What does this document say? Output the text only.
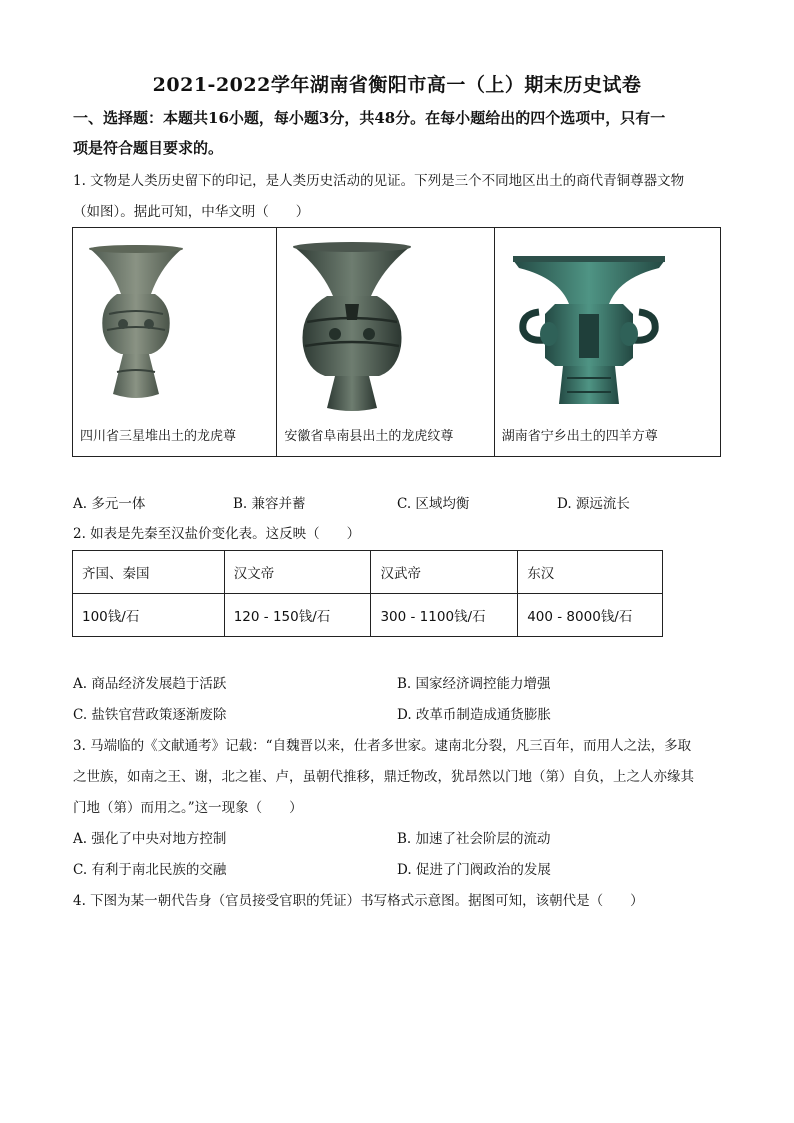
2021-2022学年湖南省衡阳市高一（上）期末历史试卷
一、选择题：本题共16小题，每小题3分，共48分。在每小题给出的四个选项中，只有一
项是符合题目要求的。
1. 文物是人类历史留下的印记，是人类历史活动的见证。下列是三个不同地区出土的商代青铜尊器文物
（如图）。据此可知，中华文明（　　）
四川省三星堆出土的龙虎尊	安徽省阜南县出土的龙虎纹尊	湖南省宁乡出土的四羊方尊
A. 多元一体	B. 兼容并蓄	C. 区域均衡	D. 源远流长
2. 如表是先秦至汉盐价变化表。这反映（　　）
齐国、秦国	汉文帝	汉武帝	东汉
100钱/石	120 - 150钱/石	300 - 1100钱/石	400 - 8000钱/石
A. 商品经济发展趋于活跃	B. 国家经济调控能力增强
C. 盐铁官营政策逐渐废除	D. 改革币制造成通货膨胀
3. 马端临的《文献通考》记载：“自魏晋以来，仕者多世家。逮南北分裂，凡三百年，而用人之法，多取
之世族，如南之王、谢，北之崔、卢，虽朝代推移，鼎迁物改，犹昂然以门地（第）自负，上之人亦缘其
门地（第）而用之。”这一现象（　　）
A. 强化了中央对地方控制	B. 加速了社会阶层的流动
C. 有利于南北民族的交融	D. 促进了门阀政治的发展
4. 下图为某一朝代告身（官员接受官职的凭证）书写格式示意图。据图可知，该朝代是（　　）
